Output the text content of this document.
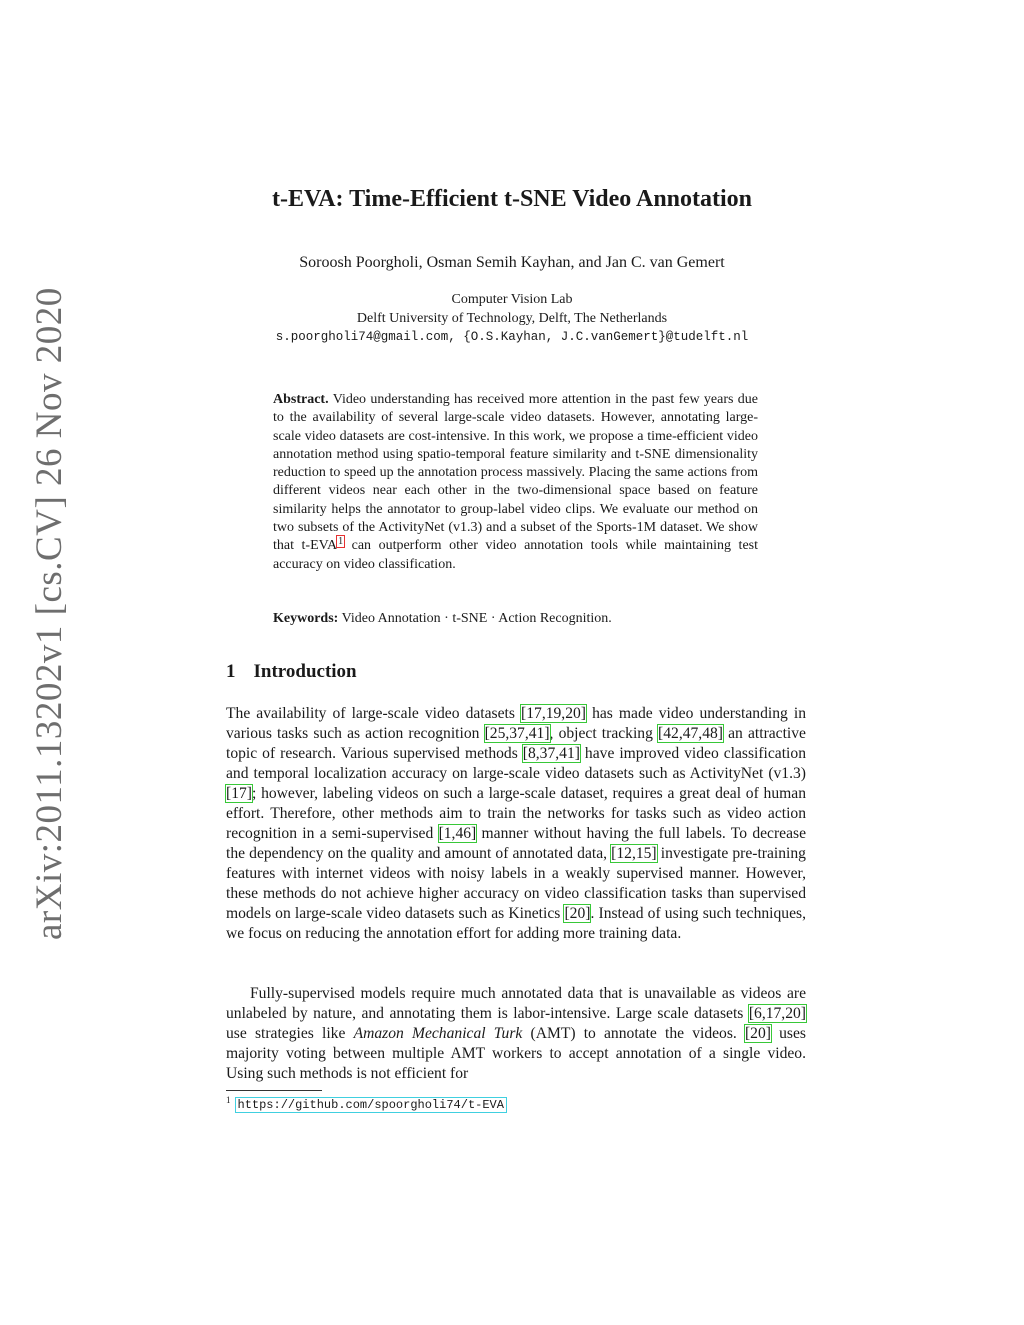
arXiv:2011.13202v1 [cs.CV] 26 Nov 2020
t-EVA: Time-Efficient t-SNE Video Annotation
Soroosh Poorgholi, Osman Semih Kayhan, and Jan C. van Gemert
Computer Vision Lab
Delft University of Technology, Delft, The Netherlands
s.poorgholi74@gmail.com, {O.S.Kayhan, J.C.vanGemert}@tudelft.nl
Abstract. Video understanding has received more attention in the past few years due to the availability of several large-scale video datasets. However, annotating large-scale video datasets are cost-intensive. In this work, we propose a time-efficient video annotation method using spatio-temporal feature similarity and t-SNE dimensionality reduction to speed up the annotation process massively. Placing the same actions from different videos near each other in the two-dimensional space based on feature similarity helps the annotator to group-label video clips. We evaluate our method on two subsets of the ActivityNet (v1.3) and a subset of the Sports-1M dataset. We show that t-EVA$^1$ can outperform other video annotation tools while maintaining test accuracy on video classification.
Keywords: Video Annotation · t-SNE · Action Recognition.
1 Introduction

The availability of large-scale video datasets [17,19,20] has made video understanding in various tasks such as action recognition [25,37,41], object tracking [42,47,48] an attractive topic of research. Various supervised methods [8,37,41] have improved video classification and temporal localization accuracy on large-scale video datasets such as ActivityNet (v1.3) [17]; however, labeling videos on such a large-scale dataset, requires a great deal of human effort. Therefore, other methods aim to train the networks for tasks such as video action recognition in a semi-supervised [1,46] manner without having the full labels. To decrease the dependency on the quality and amount of annotated data, [12,15] investigate pre-training features with internet videos with noisy labels in a weakly supervised manner. However, these methods do not achieve higher accuracy on video classification tasks than supervised models on large-scale video datasets such as Kinetics [20]. Instead of using such techniques, we focus on reducing the annotation effort for adding more training data.

Fully-supervised models require much annotated data that is unavailable as videos are unlabeled by nature, and annotating them is labor-intensive. Large scale datasets [6,17,20] use strategies like Amazon Mechanical Turk (AMT) to annotate the videos. [20] uses majority voting between multiple AMT workers to accept annotation of a single video. Using such methods is not efficient for

$^1$ https://github.com/spoorgholi74/t-EVA
